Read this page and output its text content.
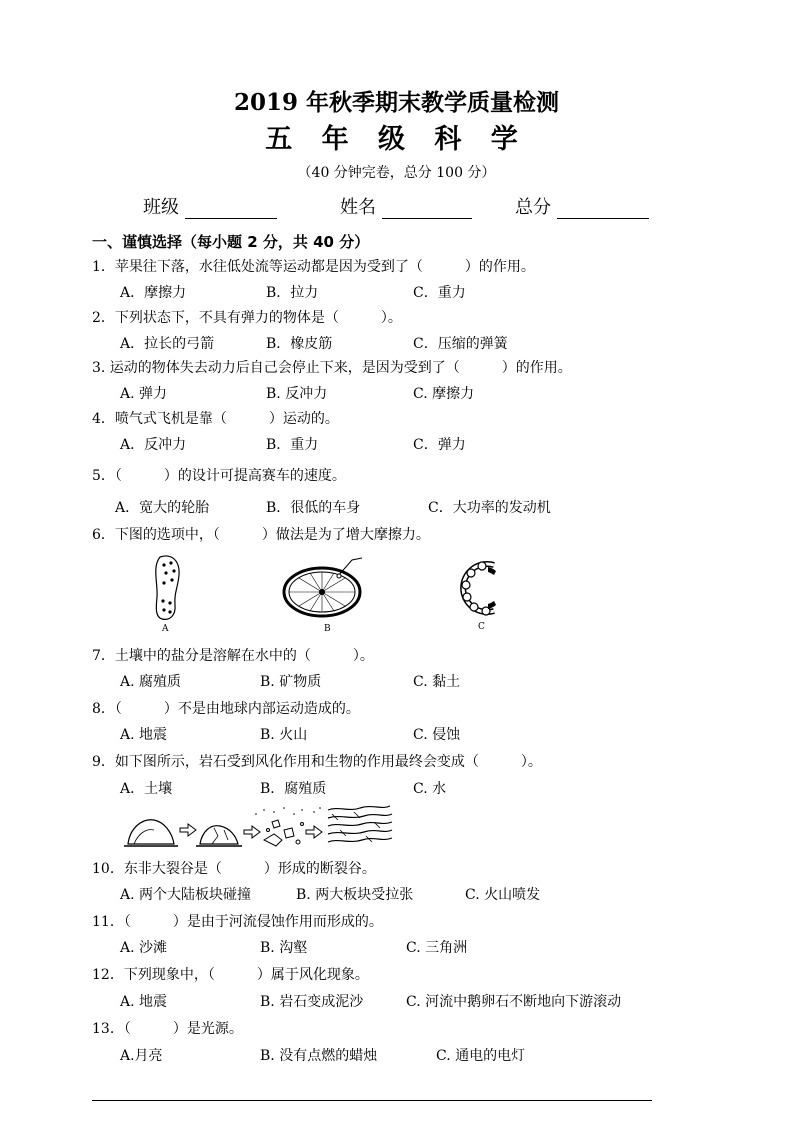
2019 年秋季期末教学质量检测
五 年 级 科 学
（40 分钟完卷，总分 100 分）
班级	姓名	总分
一、谨慎选择（每小题 2 分，共 40 分）
1．苹果往下落，水往低处流等运动都是因为受到了（　　　）的作用。
A．摩擦力	B．拉力	C．重力
2．下列状态下，不具有弹力的物体是（　　　）。
A．拉长的弓箭	B．橡皮筋	C．压缩的弹簧
3. 运动的物体失去动力后自己会停止下来，是因为受到了（　　　）的作用。
A. 弹力	B. 反冲力	C. 摩擦力
4．喷气式飞机是靠（　　　）运动的。
A．反冲力	B．重力	C．弹力
5．（　　　）的设计可提高赛车的速度。
A．宽大的轮胎	B．很低的车身	C．大功率的发动机
6．下图的选项中，（　　　）做法是为了增大摩擦力。
A	B	C
7．土壤中的盐分是溶解在水中的（　　　）。
A. 腐殖质	B. 矿物质	C. 黏土
8．（　　　）不是由地球内部运动造成的。
A. 地震	B. 火山	C. 侵蚀
9．如下图所示，岩石受到风化作用和生物的作用最终会变成（　　　）。
A．土壤	B．腐殖质	C. 水
10．东非大裂谷是（　　　）形成的断裂谷。
A. 两个大陆板块碰撞	B. 两大板块受拉张	C. 火山喷发
11．（　　　）是由于河流侵蚀作用而形成的。
A. 沙滩	B. 沟壑	C. 三角洲
12．下列现象中，（　　　）属于风化现象。
A. 地震	B. 岩石变成泥沙	C. 河流中鹅卵石不断地向下游滚动
13．（　　　）是光源。
A.月亮	B. 没有点燃的蜡烛	C. 通电的电灯
